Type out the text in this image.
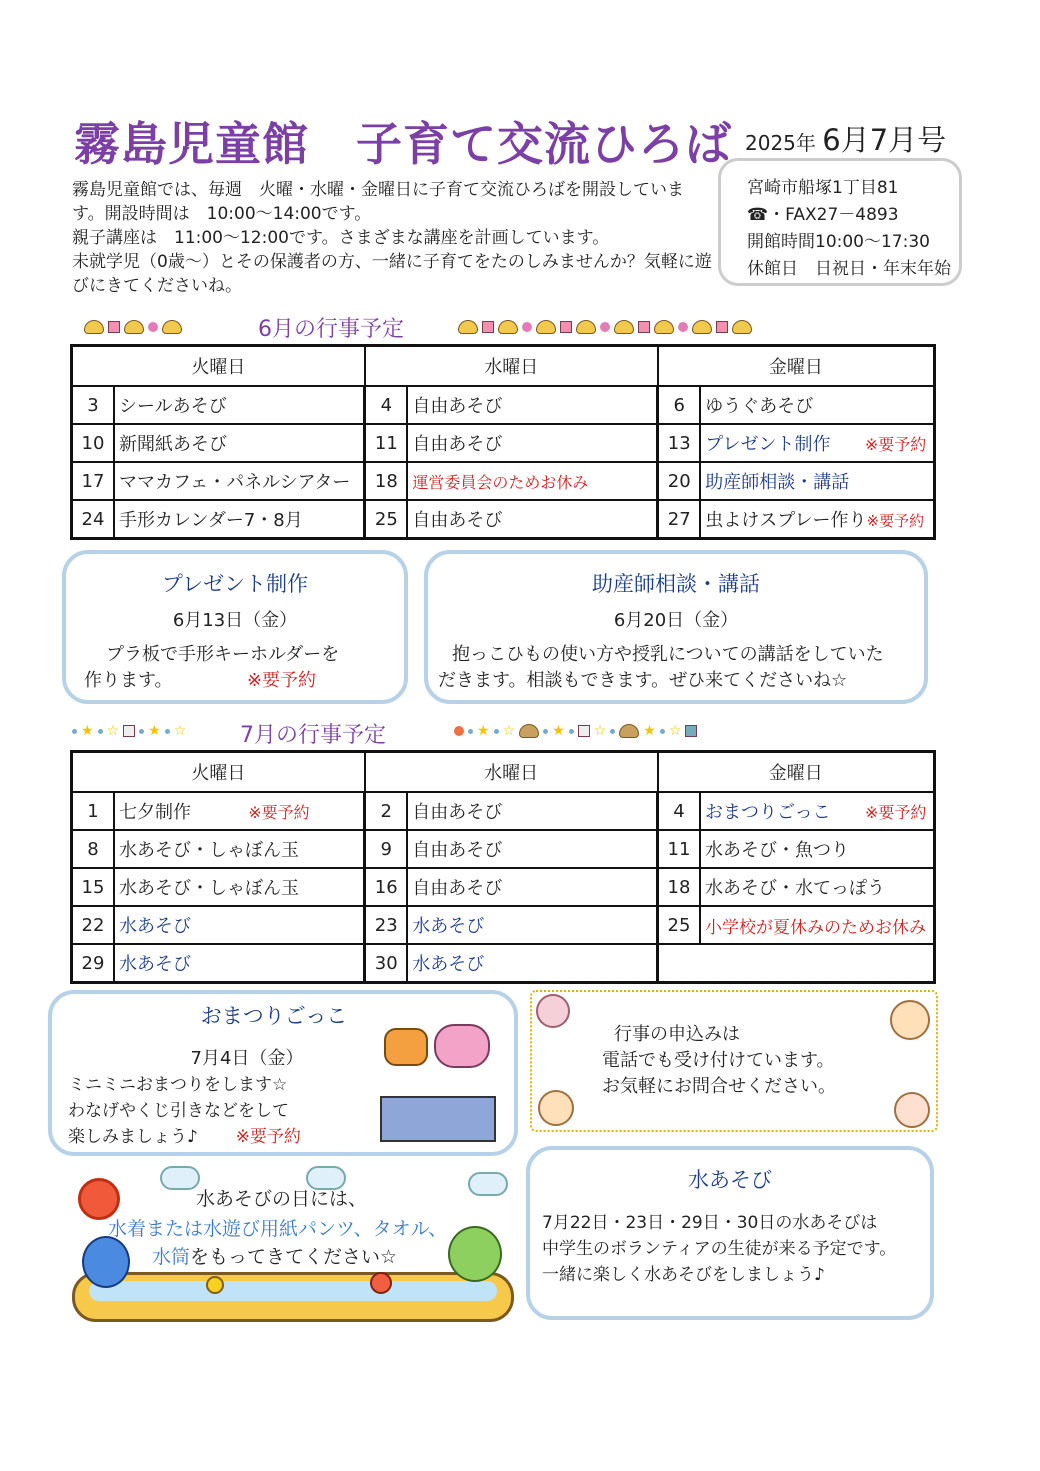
霧島児童館　子育て交流ひろば 2025年 6月7月号

霧島児童館では、毎週　火曜・水曜・金曜日に子育て交流ひろばを開設しています。開設時間は　10:00～14:00です。

親子講座は　11:00～12:00です。さまざまな講座を計画しています。

未就学児（0歳～）とその保護者の方、一緒に子育てをたのしみませんか？気軽に遊びにきてくださいね。

宮崎市船塚1丁目81
☎・FAX27－4893
開館時間10:00～17:30
休館日　日祝日・年末年始
6月の行事予定
火曜日		水曜日		金曜日	
3	シールあそび	4	自由あそび	6	ゆうぐあそび
10	新聞紙あそび	11	自由あそび	13	プレゼント制作 ※要予約
17	ママカフェ・パネルシアター	18	運営委員会のためお休み	20	助産師相談・講話
24	手形カレンダー7・8月	25	自由あそび	27	虫よけスプレー作り※要予約
プレゼント制作
6月13日（金）
プラ板で手形キーホルダーを
作ります。	※要予約
助産師相談・講話
6月20日（金）
抱っこひもの使い方や授乳についての講話をしていた
だきます。相談もできます。ぜひ来てくださいね☆
★ ☆ ★ ☆ 7月の行事予定	★ ☆	★ ☆	★ ☆
火曜日		水曜日		金曜日	
1	七夕制作 ※要予約	2	自由あそび	4	おまつりごっこ ※要予約
8	水あそび・しゃぼん玉	9	自由あそび	11	水あそび・魚つり
15	水あそび・しゃぼん玉	16	自由あそび	18	水あそび・水てっぽう
22	水あそび	23	水あそび	25	小学校が夏休みのためお休み
29	水あそび	30	水あそび		
おまつりごっこ
7月4日（金）
ミニミニおまつりをします☆
わなげやくじ引きなどをして
楽しみましょう♪ ※要予約
行事の申込みは
電話でも受け付けています。
お気軽にお問合せください。
水あそびの日には、
水着または水遊び用紙パンツ、タオル、
水筒をもってきてください☆
水あそび
7月22日・23日・29日・30日の水あそびは
中学生のボランティアの生徒が来る予定です。
一緒に楽しく水あそびをしましょう♪
